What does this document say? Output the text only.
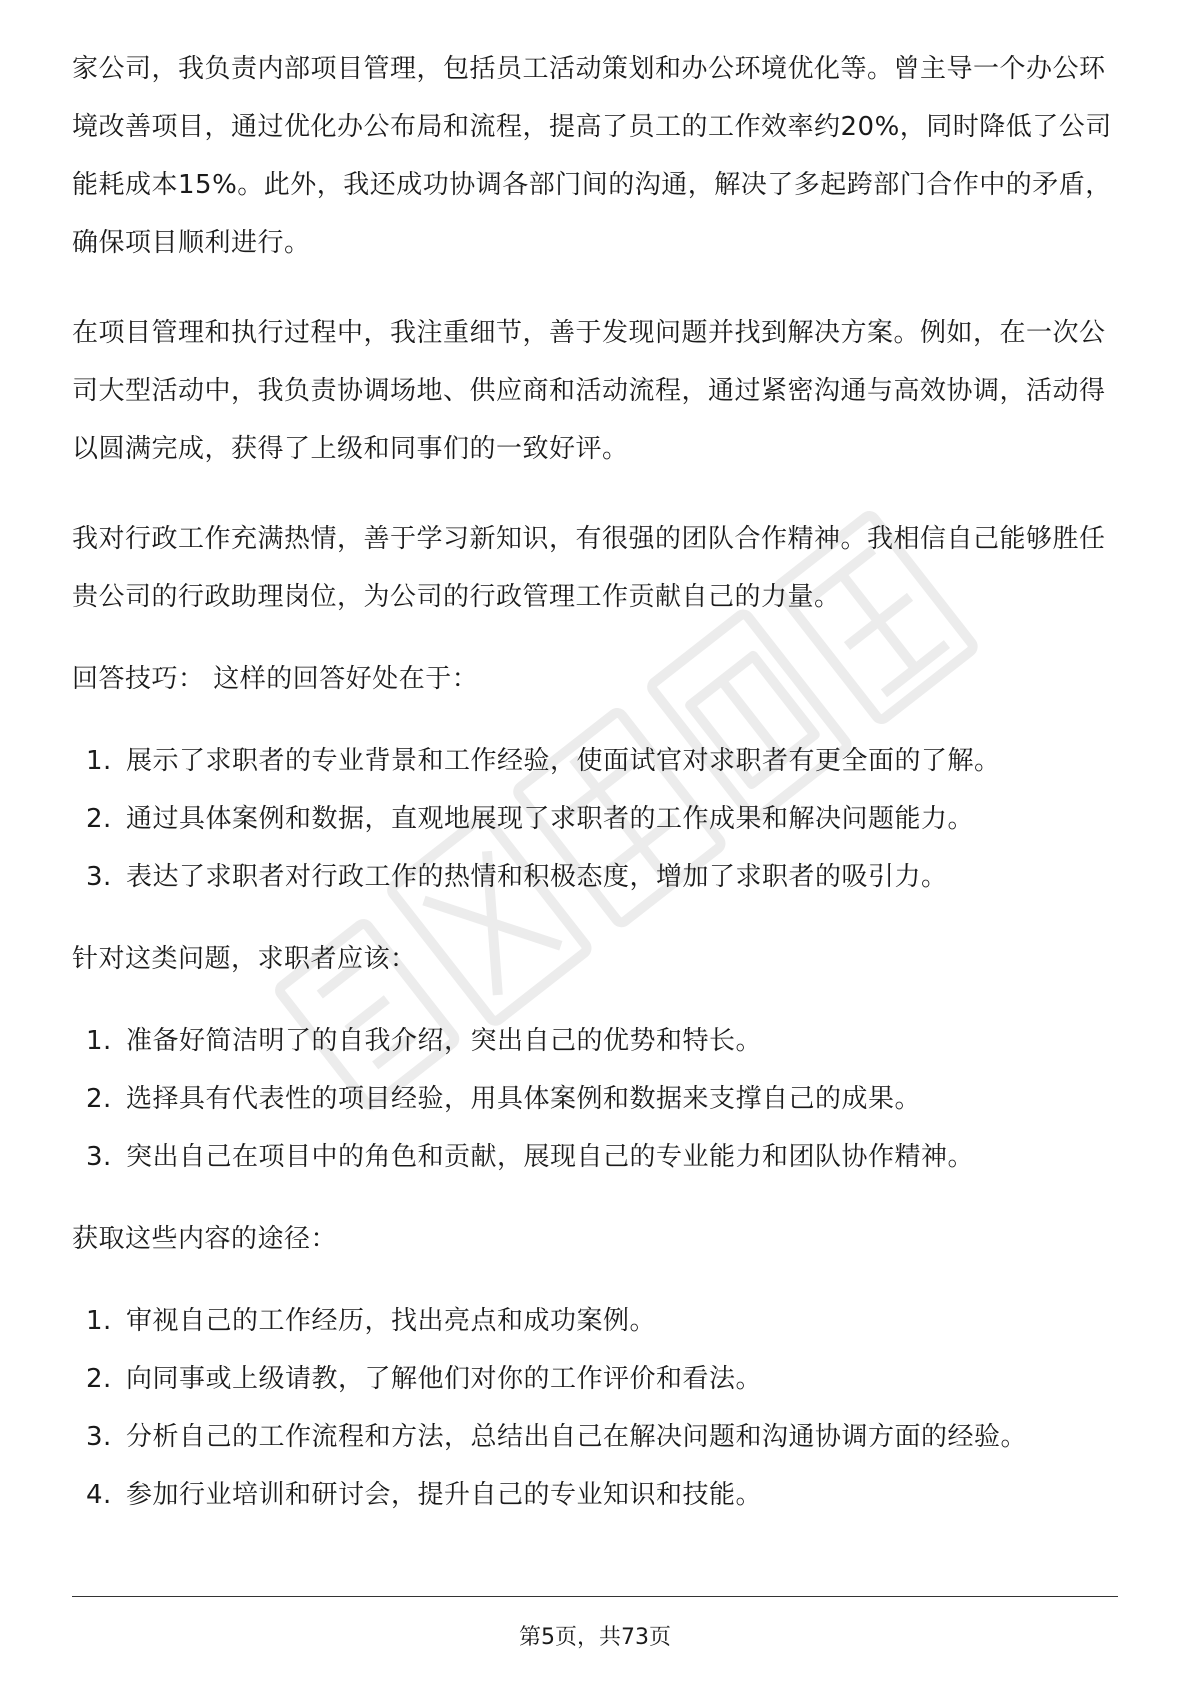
家公司，我负责内部项目管理，包括员工活动策划和办公环境优化等。曾主导一个办公环境改善项目，通过优化办公布局和流程，提高了员工的工作效率约20%，同时降低了公司能耗成本15%。此外，我还成功协调各部门间的沟通，解决了多起跨部门合作中的矛盾，确保项目顺利进行。

在项目管理和执行过程中，我注重细节，善于发现问题并找到解决方案。例如，在一次公司大型活动中，我负责协调场地、供应商和活动流程，通过紧密沟通与高效协调，活动得以圆满完成，获得了上级和同事们的一致好评。

我对行政工作充满热情，善于学习新知识，有很强的团队合作精神。我相信自己能够胜任贵公司的行政助理岗位，为公司的行政管理工作贡献自己的力量。

回答技巧： 这样的回答好处在于：

1. 展示了求职者的专业背景和工作经验，使面试官对求职者有更全面的了解。
2. 通过具体案例和数据，直观地展现了求职者的工作成果和解决问题能力。
3. 表达了求职者对行政工作的热情和积极态度，增加了求职者的吸引力。

针对这类问题，求职者应该：

1. 准备好简洁明了的自我介绍，突出自己的优势和特长。
2. 选择具有代表性的项目经验，用具体案例和数据来支撑自己的成果。
3. 突出自己在项目中的角色和贡献，展现自己的专业能力和团队协作精神。

获取这些内容的途径：

1. 审视自己的工作经历，找出亮点和成功案例。
2. 向同事或上级请教，了解他们对你的工作评价和看法。
3. 分析自己的工作流程和方法，总结出自己在解决问题和沟通协调方面的经验。
4. 参加行业培训和研讨会，提升自己的专业知识和技能。
第5页，共73页
